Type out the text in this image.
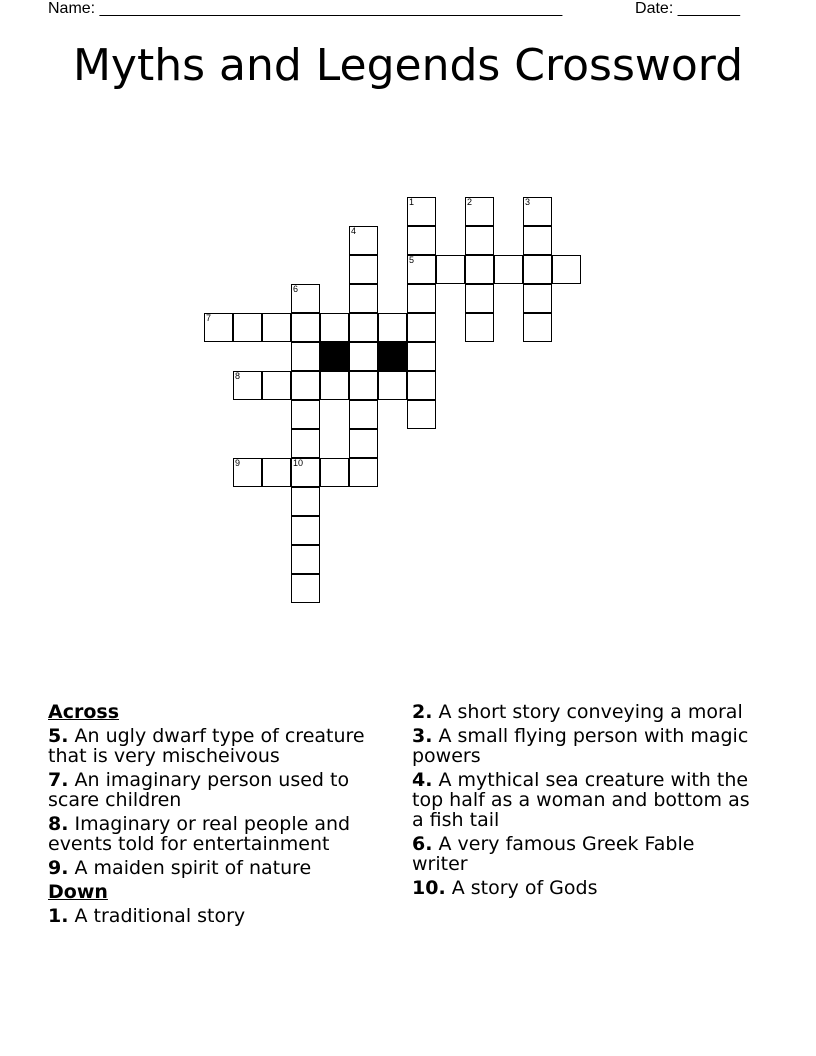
Name: ____________________________________________________	Date: _______
Myths and Legends Crossword
1	2	3
5
4
6
7
8
9	10
Across
5. An ugly dwarf type of creature that is very mischeivous
7. An imaginary person used to scare children
8. Imaginary or real people and events told for entertainment
9. A maiden spirit of nature
Down
1. A traditional story
2. A short story conveying a moral
3. A small flying person with magic powers
4. A mythical sea creature with the top half as a woman and bottom as a fish tail
6. A very famous Greek Fable writer
10. A story of Gods
